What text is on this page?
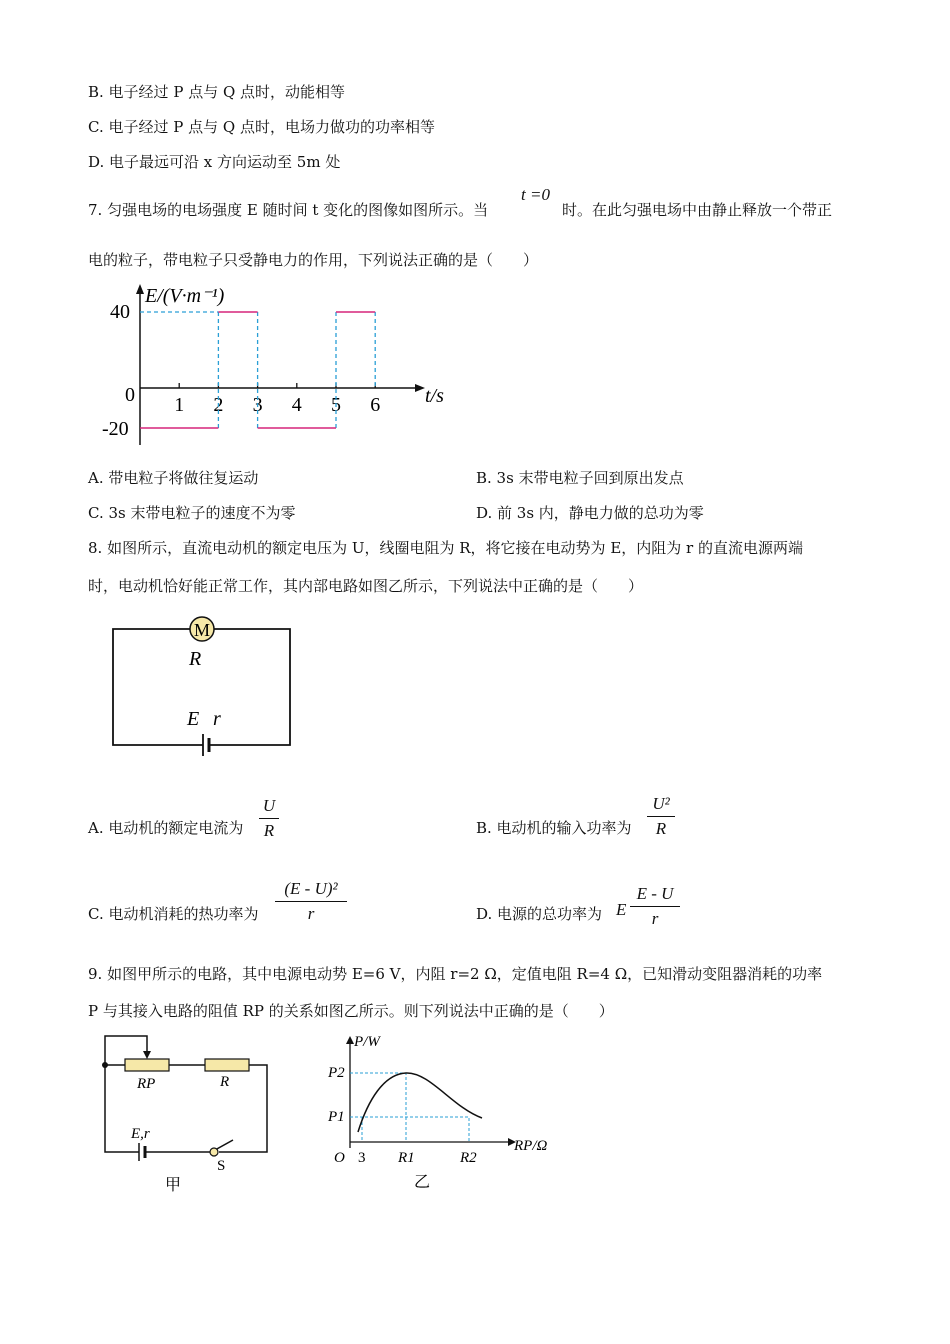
B. 电子经过 P 点与 Q 点时，动能相等
C. 电子经过 P 点与 Q 点时，电场力做功的功率相等
D. 电子最远可沿 x 方向运动至 5m 处
7. 匀强电场的电场强度 E 随时间 t 变化的图像如图所示。当
t =0
时。在此匀强电场中由静止释放一个带正
电的粒子，带电粒子只受静电力的作用，下列说法正确的是（　　）
E/(V·m⁻¹)
t/s
40
0
-20
1 2 3 4 5 6
A. 带电粒子将做往复运动	B. 3s 末带电粒子回到原出发点
C. 3s 末带电粒子的速度不为零	D. 前 3s 内，静电力做的总功为零
8. 如图所示，直流电动机的额定电压为 U，线圈电阻为 R，将它接在电动势为 E，内阻为 r 的直流电源两端
时，电动机恰好能正常工作，其内部电路如图乙所示，下列说法中正确的是（　　）
M
R
E r
A. 电动机的额定电流为
U
R	B. 电动机的输入功率为
U²
R
C. 电动机消耗的热功率为
(E - U)²
r	D. 电源的总功率为 E
E - U
r
9. 如图甲所示的电路，其中电源电动势 E=6 V，内阻 r=2 Ω，定值电阻 R=4 Ω，已知滑动变阻器消耗的功率
P 与其接入电路的阻值 RP 的关系如图乙所示。则下列说法中正确的是（　　）
RP	R
E,r
S
甲
P/W
RP/Ω
P2
P1
O 3 R1	R2
乙
